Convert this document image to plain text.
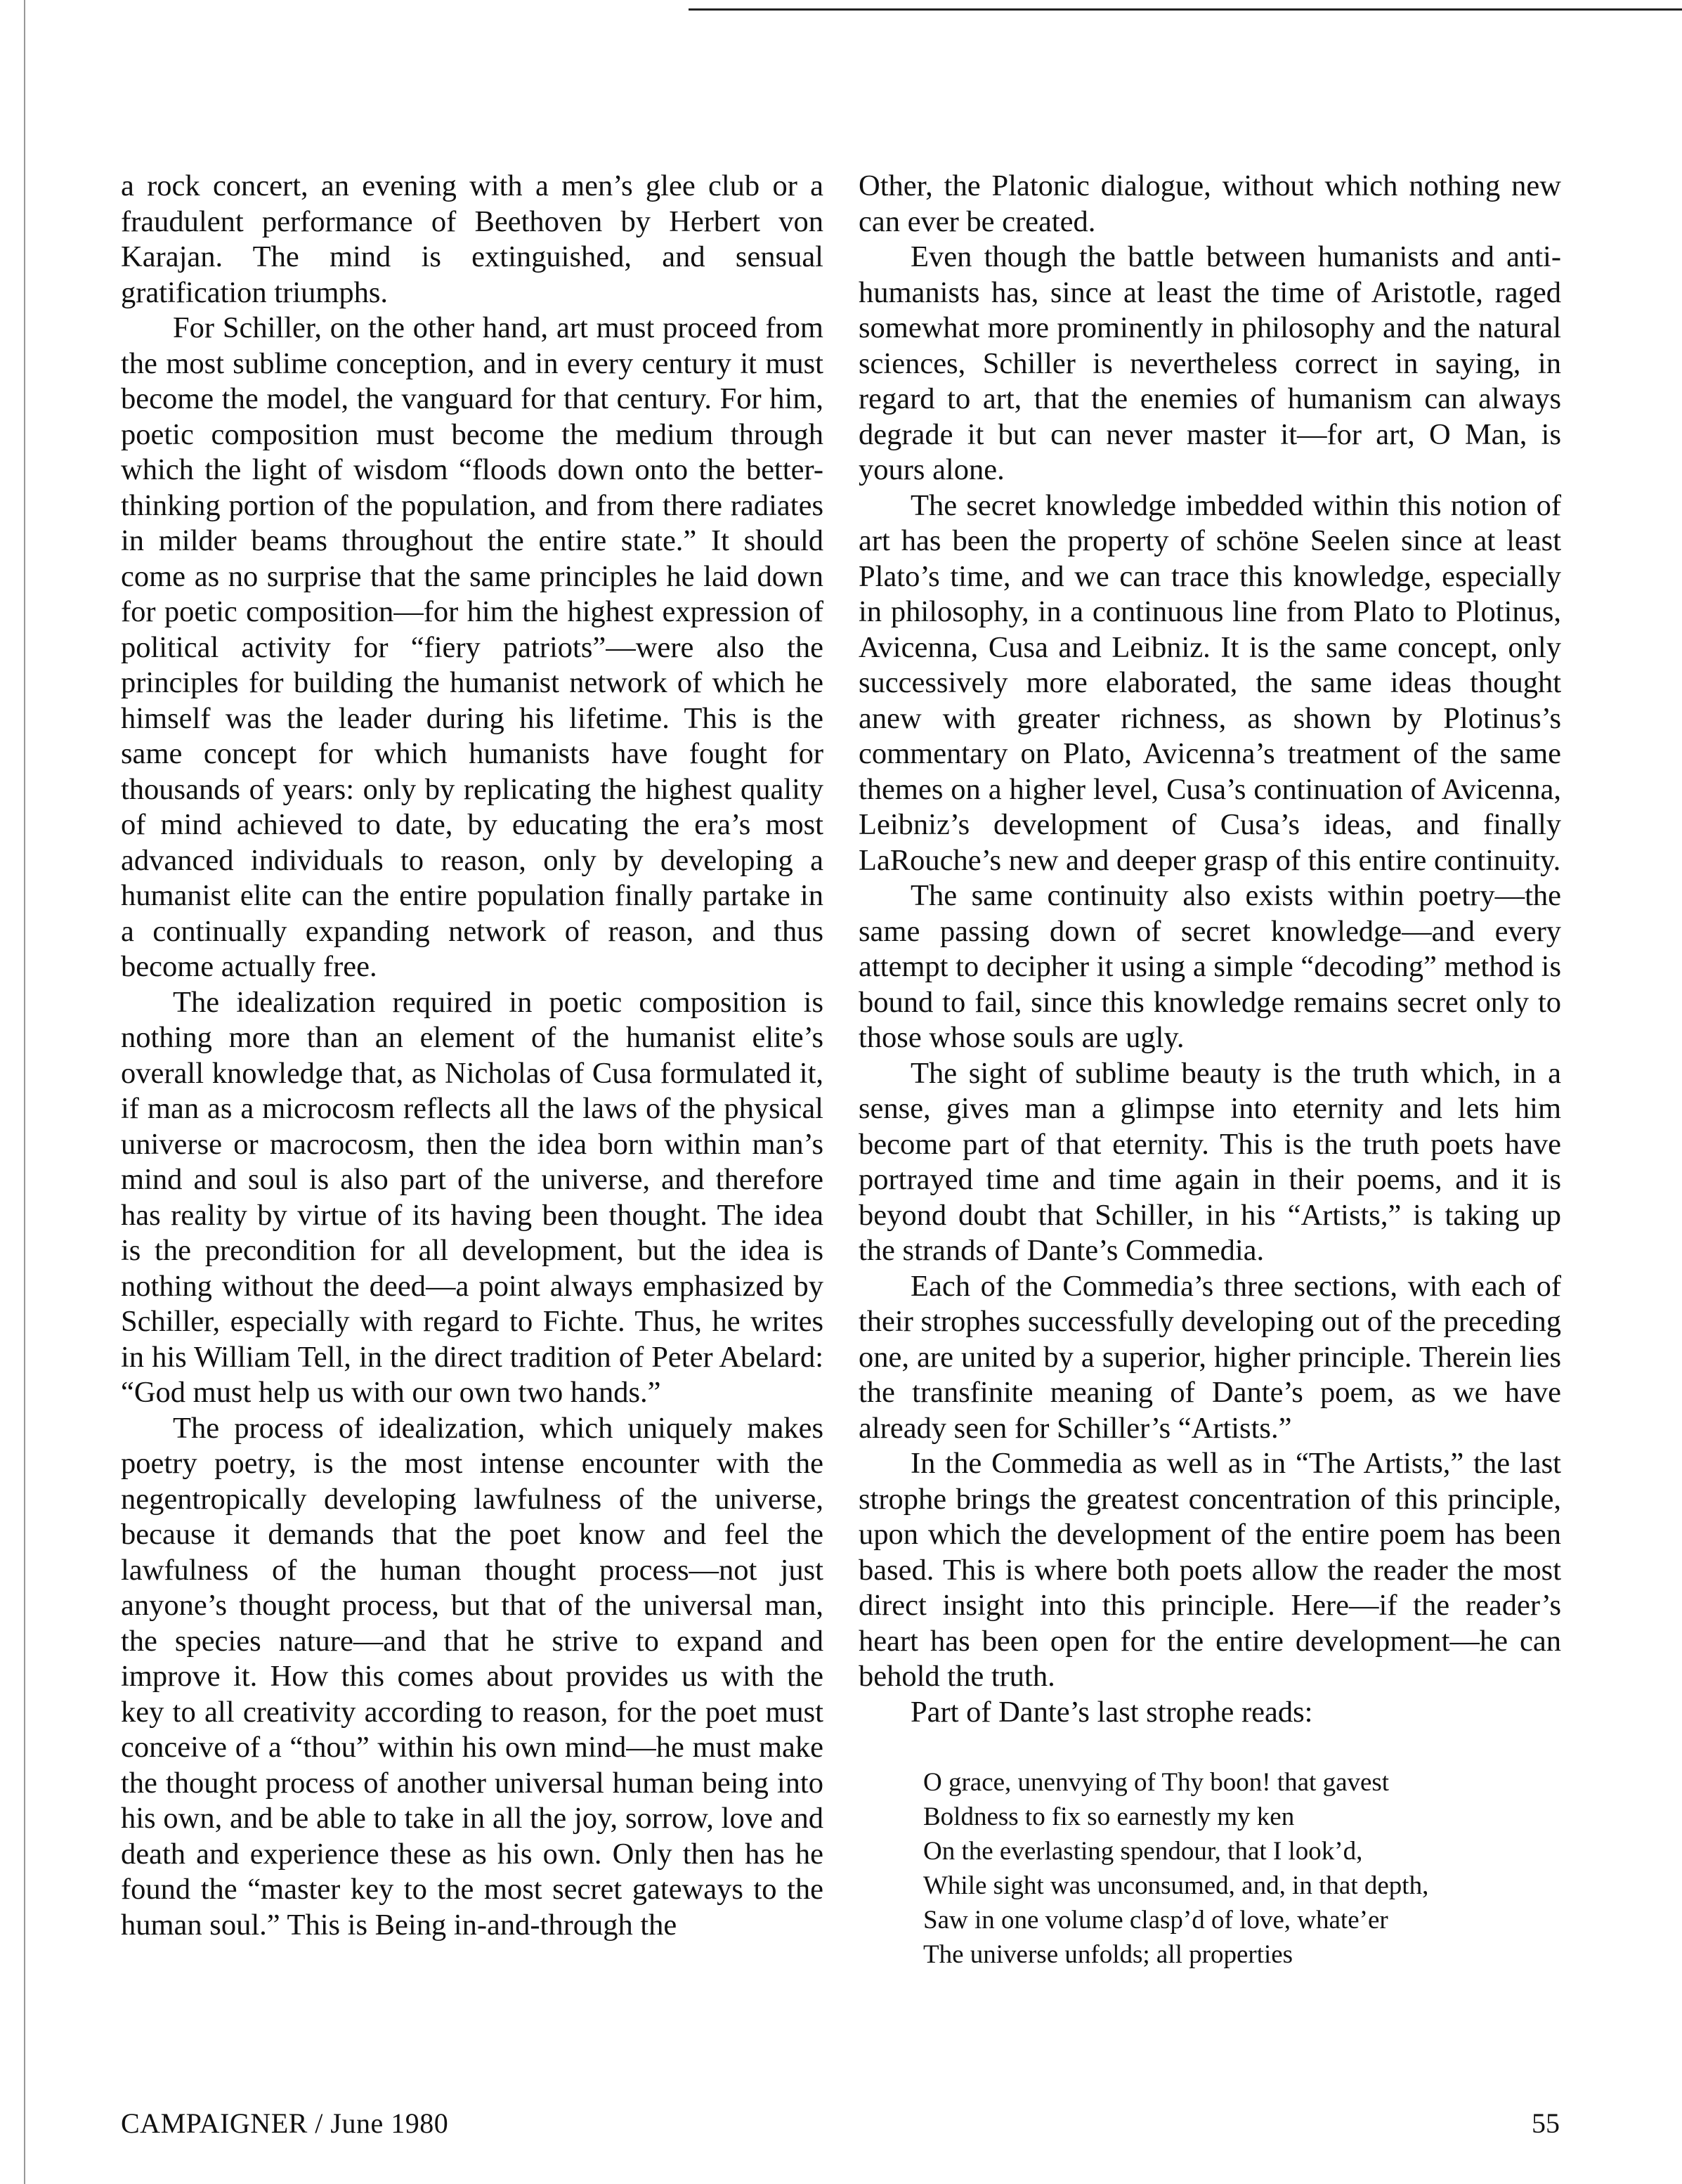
a rock concert, an evening with a men’s glee club or a fraudulent performance of Beethoven by Herbert von Karajan. The mind is extinguished, and sensual gratification triumphs.

For Schiller, on the other hand, art must proceed from the most sublime conception, and in every century it must become the model, the vanguard for that century. For him, poetic composition must become the medium through which the light of wisdom “floods down onto the better-thinking portion of the population, and from there radiates in milder beams throughout the entire state.” It should come as no surprise that the same principles he laid down for poetic composition—for him the highest expression of political activity for “fiery patriots”—were also the principles for building the humanist network of which he himself was the leader during his lifetime. This is the same concept for which humanists have fought for thousands of years: only by replicating the highest quality of mind achieved to date, by educating the era’s most advanced individuals to reason, only by developing a humanist elite can the entire population finally partake in a continually expanding network of reason, and thus become actually free.

The idealization required in poetic composition is nothing more than an element of the humanist elite’s overall knowledge that, as Nicholas of Cusa formulated it, if man as a microcosm reflects all the laws of the physical universe or macrocosm, then the idea born within man’s mind and soul is also part of the universe, and therefore has reality by virtue of its having been thought. The idea is the precondition for all development, but the idea is nothing without the deed—a point always emphasized by Schiller, especially with regard to Fichte. Thus, he writes in his William Tell, in the direct tradition of Peter Abelard: “God must help us with our own two hands.”

The process of idealization, which uniquely makes poetry poetry, is the most intense encounter with the negentropically developing lawfulness of the universe, because it demands that the poet know and feel the lawfulness of the human thought process—not just anyone’s thought process, but that of the universal man, the species nature—and that he strive to expand and improve it. How this comes about provides us with the key to all creativity according to reason, for the poet must conceive of a “thou” within his own mind—he must make the thought process of another universal human being into his own, and be able to take in all the joy, sorrow, love and death and experience these as his own. Only then has he found the “master key to the most secret gateways to the human soul.” This is Being in-and-through the

Other, the Platonic dialogue, without which nothing new can ever be created.

Even though the battle between humanists and anti-humanists has, since at least the time of Aristotle, raged somewhat more prominently in philosophy and the natural sciences, Schiller is nevertheless correct in saying, in regard to art, that the enemies of humanism can always degrade it but can never master it—for art, O Man, is yours alone.

The secret knowledge imbedded within this notion of art has been the property of schöne Seelen since at least Plato’s time, and we can trace this knowledge, especially in philosophy, in a continuous line from Plato to Plotinus, Avicenna, Cusa and Leibniz. It is the same concept, only successively more elaborated, the same ideas thought anew with greater richness, as shown by Plotinus’s commentary on Plato, Avicenna’s treatment of the same themes on a higher level, Cusa’s continuation of Avicenna, Leibniz’s development of Cusa’s ideas, and finally LaRouche’s new and deeper grasp of this entire continuity.

The same continuity also exists within poetry—the same passing down of secret knowledge—and every attempt to decipher it using a simple “decoding” method is bound to fail, since this knowledge remains secret only to those whose souls are ugly.

The sight of sublime beauty is the truth which, in a sense, gives man a glimpse into eternity and lets him become part of that eternity. This is the truth poets have portrayed time and time again in their poems, and it is beyond doubt that Schiller, in his “Artists,” is taking up the strands of Dante’s Commedia.

Each of the Commedia’s three sections, with each of their strophes successfully developing out of the preceding one, are united by a superior, higher principle. Therein lies the transfinite meaning of Dante’s poem, as we have already seen for Schiller’s “Artists.”

In the Commedia as well as in “The Artists,” the last strophe brings the greatest concentration of this principle, upon which the development of the entire poem has been based. This is where both poets allow the reader the most direct insight into this principle. Here—if the reader’s heart has been open for the entire development—he can behold the truth.

Part of Dante’s last strophe reads:

O grace, unenvying of Thy boon! that gavest
Boldness to fix so earnestly my ken
On the everlasting spendour, that I look’d,
While sight was unconsumed, and, in that depth,
Saw in one volume clasp’d of love, whate’er
The universe unfolds; all properties
CAMPAIGNER / June 1980	55
